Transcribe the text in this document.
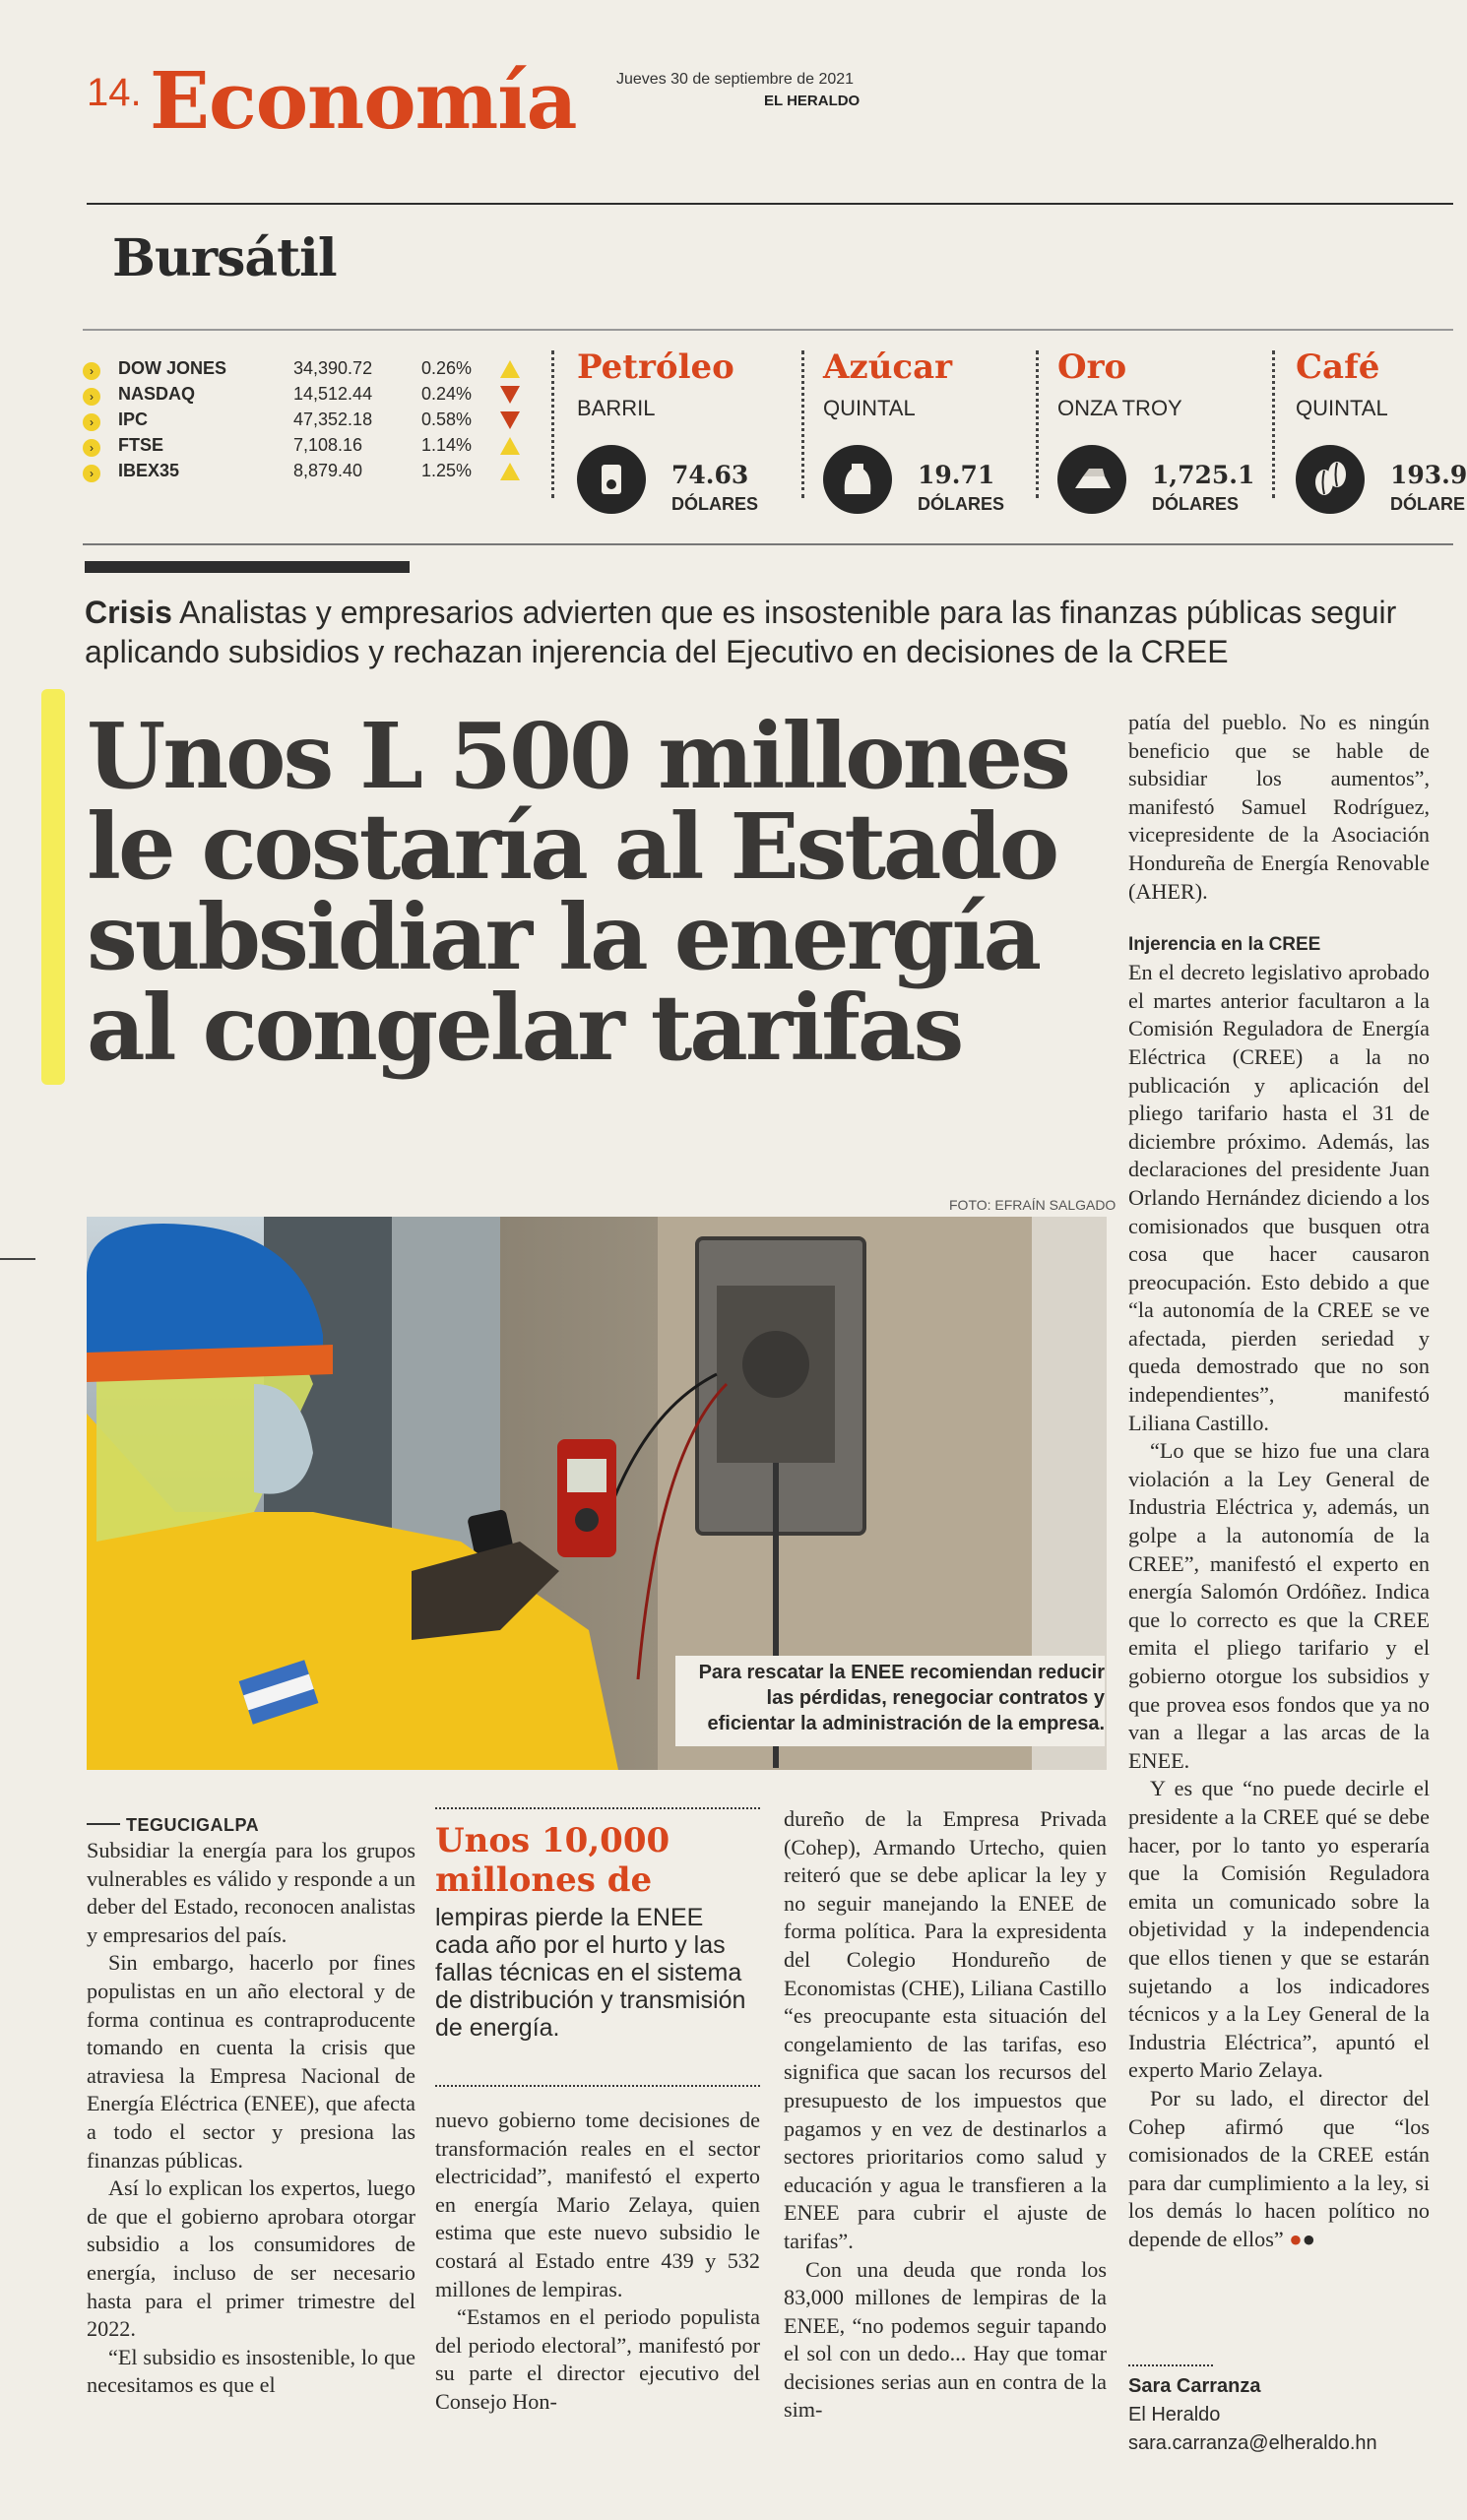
14. Economía	Jueves 30 de septiembre de 2021
EL HERALDO
Bursátil
›	DOW JONES	34,390.72	0.26%
›	NASDAQ	14,512.44	0.24%
›	IPC	47,352.18	0.58%
›	FTSE	7,108.16	1.14%
›	IBEX35	8,879.40	1.25%
Petróleo
BARRIL
74.63
DÓLARES
Azúcar
QUINTAL
19.71
DÓLARES
Oro
ONZA TROY
1,725.1
DÓLARES
Café
QUINTAL
193.9
DÓLARE
Crisis Analistas y empresarios advierten que es insostenible para las finanzas públicas seguir aplicando subsidios y rechazan injerencia del Ejecutivo en decisiones de la CREE
Unos L 500 millones
le costaría al Estado
subsidiar la energía
al congelar tarifas
FOTO: EFRAÍN SALGADO
Para rescatar la ENEE recomiendan reducir las pérdidas, renegociar contratos y eficientar la administración de la empresa.
TEGUCIGALPA

Subsidiar la energía para los grupos vulnerables es válido y responde a un deber del Estado, reconocen analistas y empresarios del país.

Sin embargo, hacerlo por fines populistas en un año electoral y de forma continua es contraproducente tomando en cuenta la crisis que atraviesa la Empresa Nacional de Energía Eléctrica (ENEE), que afecta a todo el sector y presiona las finanzas públicas.

Así lo explican los expertos, luego de que el gobierno aprobara otorgar subsidio a los consumidores de energía, incluso de ser necesario hasta para el primer trimestre del 2022.

“El subsidio es insostenible, lo que necesitamos es que el

Unos 10,000 millones de
lempiras pierde la ENEE cada año por el hurto y las fallas técnicas en el sistema de distribución y transmisión de energía.

nuevo gobierno tome decisiones de transformación reales en el sector electricidad”, manifestó el experto en energía Mario Zelaya, quien estima que este nuevo subsidio le costará al Estado entre 439 y 532 millones de lempiras.

“Estamos en el periodo populista del periodo electoral”, manifestó por su parte el director ejecutivo del Consejo Hon-

dureño de la Empresa Privada (Cohep), Armando Urtecho, quien reiteró que se debe aplicar la ley y no seguir manejando la ENEE de forma política. Para la expresidenta del Colegio Hondureño de Economistas (CHE), Liliana Castillo “es preocupante esta situación del congelamiento de las tarifas, eso significa que sacan los recursos del presupuesto de los impuestos que pagamos y en vez de destinarlos a sectores prioritarios como salud y educación y agua le transfieren a la ENEE para cubrir el ajuste de tarifas”.

Con una deuda que ronda los 83,000 millones de lempiras de la ENEE, “no podemos seguir tapando el sol con un dedo... Hay que tomar decisiones serias aun en contra de la sim-

patía del pueblo. No es ningún beneficio que se hable de subsidiar los aumentos”, manifestó Samuel Rodríguez, vicepresidente de la Asociación Hondureña de Energía Renovable (AHER).

Injerencia en la CREE

En el decreto legislativo aprobado el martes anterior facultaron a la Comisión Reguladora de Energía Eléctrica (CREE) a la no publicación y aplicación del pliego tarifario hasta el 31 de diciembre próximo. Además, las declaraciones del presidente Juan Orlando Hernández diciendo a los comisionados que busquen otra cosa que hacer causaron preocupación. Esto debido a que “la autonomía de la CREE se ve afectada, pierden seriedad y queda demostrado que no son independientes”, manifestó Liliana Castillo.

“Lo que se hizo fue una clara violación a la Ley General de Industria Eléctrica y, además, un golpe a la autonomía de la CREE”, manifestó el experto en energía Salomón Ordóñez. Indica que lo correcto es que la CREE emita el pliego tarifario y el gobierno otorgue los subsidios y que provea esos fondos que ya no van a llegar a las arcas de la ENEE.

Y es que “no puede decirle el presidente a la CREE qué se debe hacer, por lo tanto yo esperaría que la Comisión Reguladora emita un comunicado sobre la objetividad y la independencia que ellos tienen y que se estarán sujetando a los indicadores técnicos y a la Ley General de la Industria Eléctrica”, apuntó el experto Mario Zelaya.

Por su lado, el director del Cohep afirmó que “los comisionados de la CREE están para dar cumplimiento a la ley, si los demás lo hacen político no depende de ellos” ●●

Sara Carranza
El Heraldo
sara.carranza@elheraldo.hn
